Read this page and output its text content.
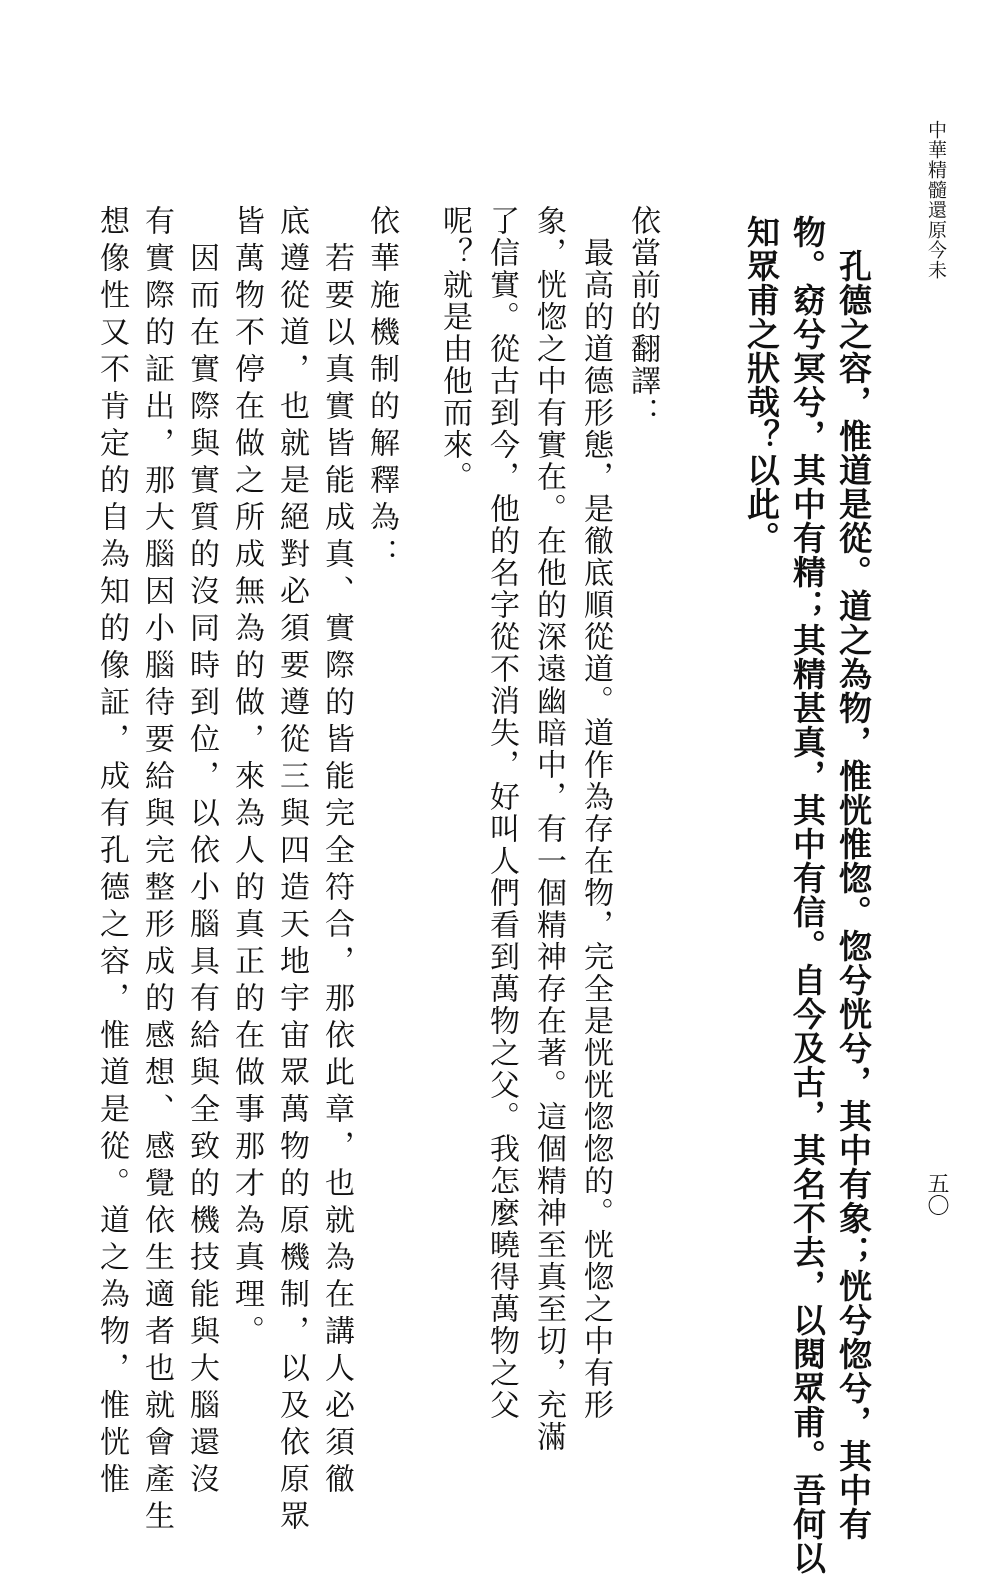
中華精髓還原今未
五〇

　孔德之容，惟道是從。道之為物，惟恍惟惚。惚兮恍兮，其中有象；恍兮惚兮，其中有

物。窈兮冥兮，其中有精；其精甚真，其中有信。自今及古，其名不去，以閱眾甫。吾何以

知眾甫之狀哉？以此。

依當前的翻譯：

　最高的道德形態，是徹底順從道。道作為存在物，完全是恍恍惚惚的。恍惚之中有形

象，恍惚之中有實在。在他的深遠幽暗中，有一個精神存在著。這個精神至真至切，充滿

了信實。從古到今，他的名字從不消失，好叫人們看到萬物之父。我怎麼曉得萬物之父

呢？就是由他而來。

依華施機制的解釋為：

　若要以真實皆能成真、實際的皆能完全符合，那依此章，也就為在講人必須徹

底遵從道，也就是絕對必須要遵從三與四造天地宇宙眾萬物的原機制，以及依原眾

皆萬物不停在做之所成無為的做，來為人的真正的在做事那才為真理。

　因而在實際與實質的沒同時到位，以依小腦具有給與全致的機技能與大腦還沒

有實際的証出，那大腦因小腦待要給與完整形成的感想、感覺依生適者也就會產生

想像性又不肯定的自為知的像証，成有孔德之容，惟道是從。道之為物，惟恍惟
